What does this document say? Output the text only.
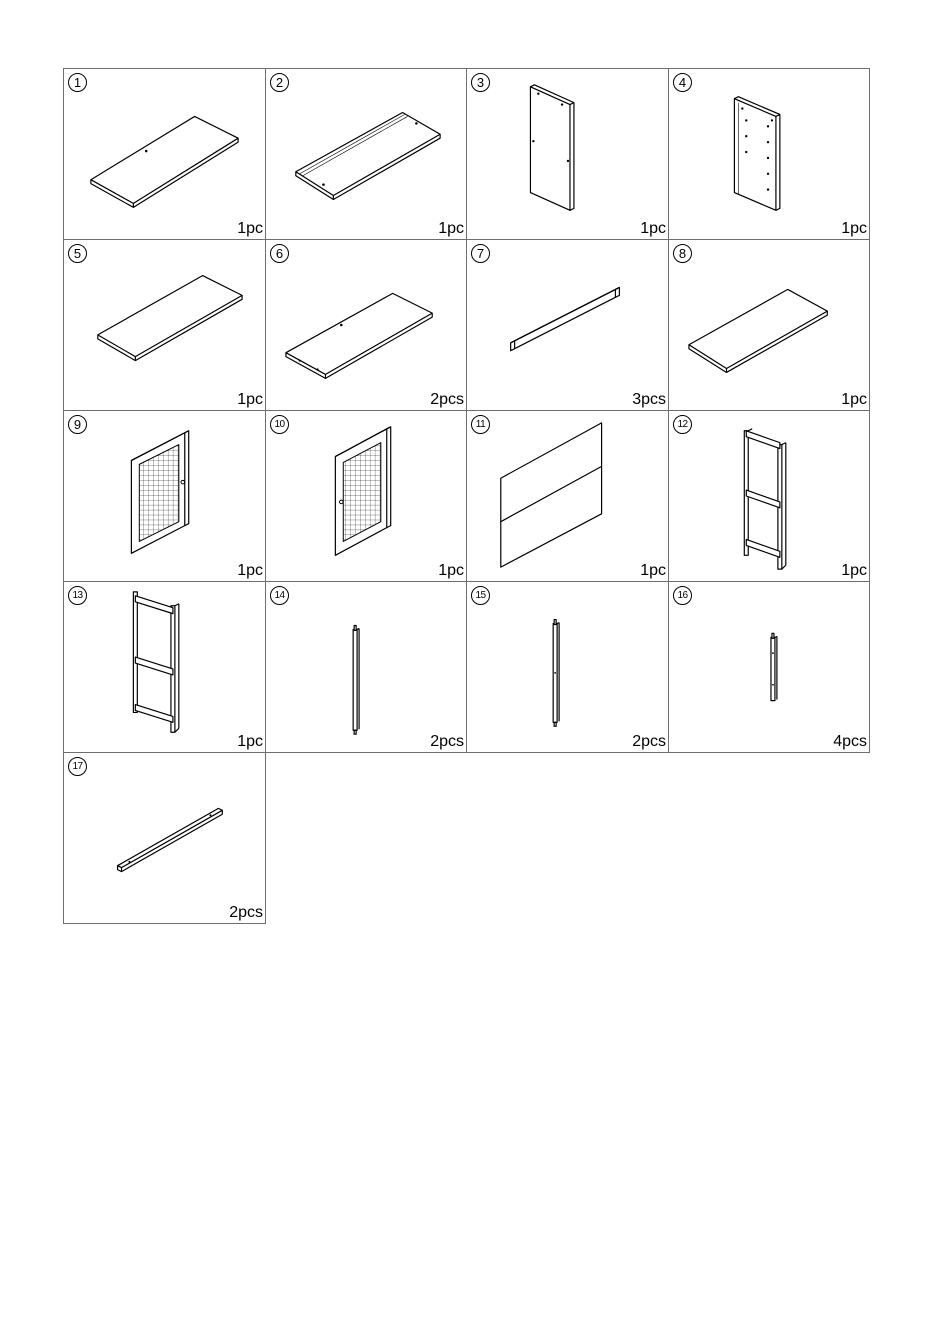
1
1pc
2
1pc
3
1pc
4
1pc
5
1pc
6
2pcs
7
3pcs
8
1pc
9
1pc
10
1pc
11
1pc
12
1pc
13
1pc
14
2pcs
15
2pcs
16
4pcs
17
2pcs
